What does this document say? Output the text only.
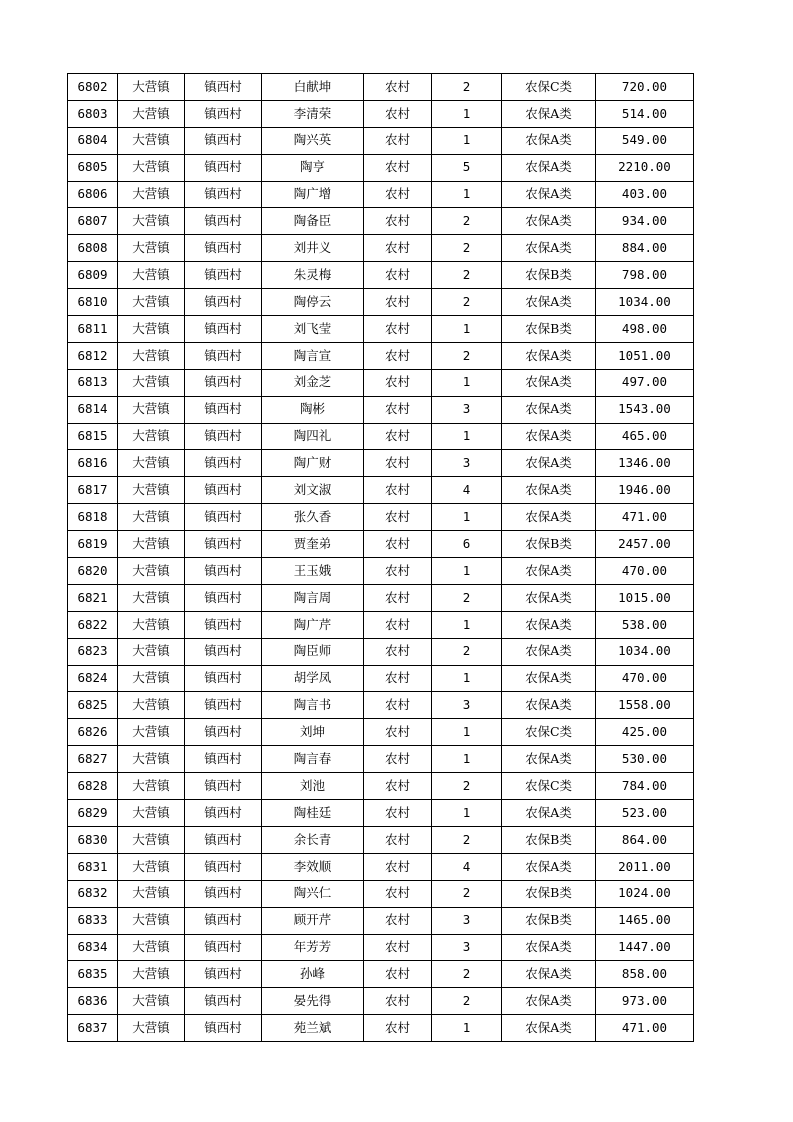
6802	大营镇	镇西村	白献坤	农村	2	农保C类	720.00
6803	大营镇	镇西村	李清荣	农村	1	农保A类	514.00
6804	大营镇	镇西村	陶兴英	农村	1	农保A类	549.00
6805	大营镇	镇西村	陶亨	农村	5	农保A类	2210.00
6806	大营镇	镇西村	陶广增	农村	1	农保A类	403.00
6807	大营镇	镇西村	陶备臣	农村	2	农保A类	934.00
6808	大营镇	镇西村	刘井义	农村	2	农保A类	884.00
6809	大营镇	镇西村	朱灵梅	农村	2	农保B类	798.00
6810	大营镇	镇西村	陶停云	农村	2	农保A类	1034.00
6811	大营镇	镇西村	刘飞莹	农村	1	农保B类	498.00
6812	大营镇	镇西村	陶言宣	农村	2	农保A类	1051.00
6813	大营镇	镇西村	刘金芝	农村	1	农保A类	497.00
6814	大营镇	镇西村	陶彬	农村	3	农保A类	1543.00
6815	大营镇	镇西村	陶四礼	农村	1	农保A类	465.00
6816	大营镇	镇西村	陶广财	农村	3	农保A类	1346.00
6817	大营镇	镇西村	刘文淑	农村	4	农保A类	1946.00
6818	大营镇	镇西村	张久香	农村	1	农保A类	471.00
6819	大营镇	镇西村	贾奎弟	农村	6	农保B类	2457.00
6820	大营镇	镇西村	王玉娥	农村	1	农保A类	470.00
6821	大营镇	镇西村	陶言周	农村	2	农保A类	1015.00
6822	大营镇	镇西村	陶广芹	农村	1	农保A类	538.00
6823	大营镇	镇西村	陶臣师	农村	2	农保A类	1034.00
6824	大营镇	镇西村	胡学凤	农村	1	农保A类	470.00
6825	大营镇	镇西村	陶言书	农村	3	农保A类	1558.00
6826	大营镇	镇西村	刘坤	农村	1	农保C类	425.00
6827	大营镇	镇西村	陶言春	农村	1	农保A类	530.00
6828	大营镇	镇西村	刘池	农村	2	农保C类	784.00
6829	大营镇	镇西村	陶桂廷	农村	1	农保A类	523.00
6830	大营镇	镇西村	余长青	农村	2	农保B类	864.00
6831	大营镇	镇西村	李效顺	农村	4	农保A类	2011.00
6832	大营镇	镇西村	陶兴仁	农村	2	农保B类	1024.00
6833	大营镇	镇西村	顾开芹	农村	3	农保B类	1465.00
6834	大营镇	镇西村	年芳芳	农村	3	农保A类	1447.00
6835	大营镇	镇西村	孙峰	农村	2	农保A类	858.00
6836	大营镇	镇西村	晏先得	农村	2	农保A类	973.00
6837	大营镇	镇西村	苑兰斌	农村	1	农保A类	471.00
